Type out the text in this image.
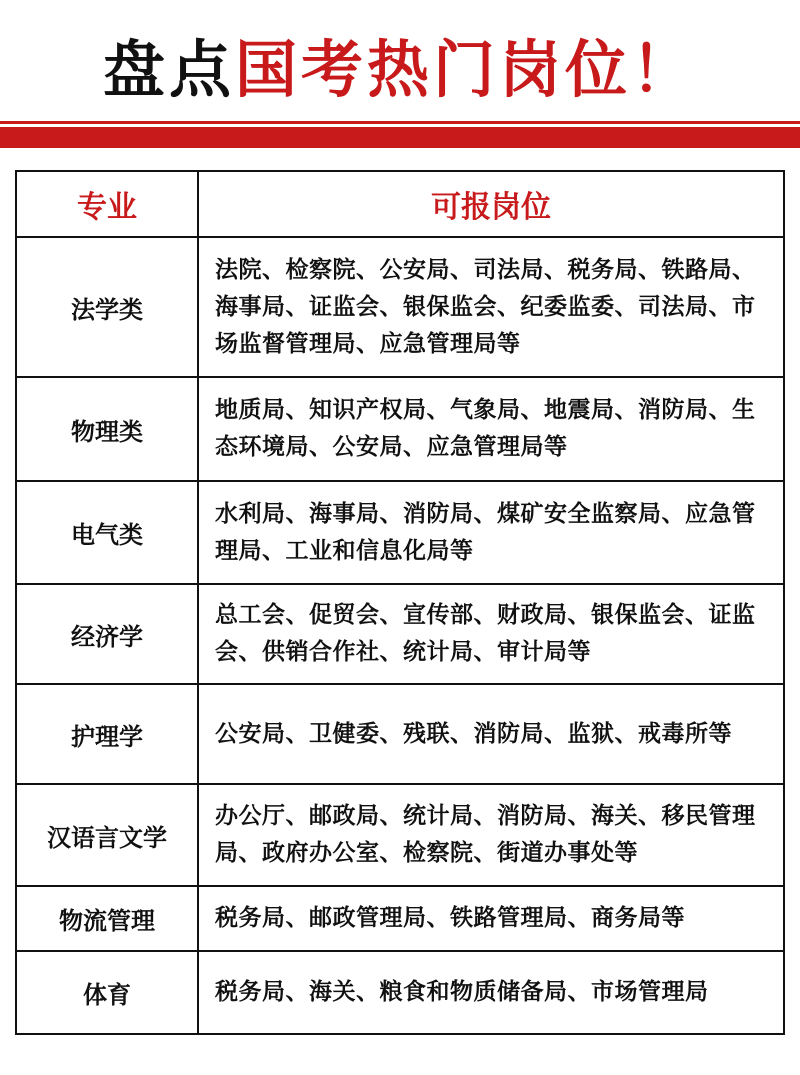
盘点国考热门岗位！
专业	可报岗位
法学类	法院、检察院、公安局、司法局、税务局、铁路局、海事局、证监会、银保监会、纪委监委、司法局、市场监督管理局、应急管理局等
物理类	地质局、知识产权局、气象局、地震局、消防局、生态环境局、公安局、应急管理局等
电气类	水利局、海事局、消防局、煤矿安全监察局、应急管理局、工业和信息化局等
经济学	总工会、促贸会、宣传部、财政局、银保监会、证监会、供销合作社、统计局、审计局等
护理学	公安局、卫健委、残联、消防局、监狱、戒毒所等
汉语言文学	办公厅、邮政局、统计局、消防局、海关、移民管理局、政府办公室、检察院、街道办事处等
物流管理	税务局、邮政管理局、铁路管理局、商务局等
体育	税务局、海关、粮食和物质储备局、市场管理局
